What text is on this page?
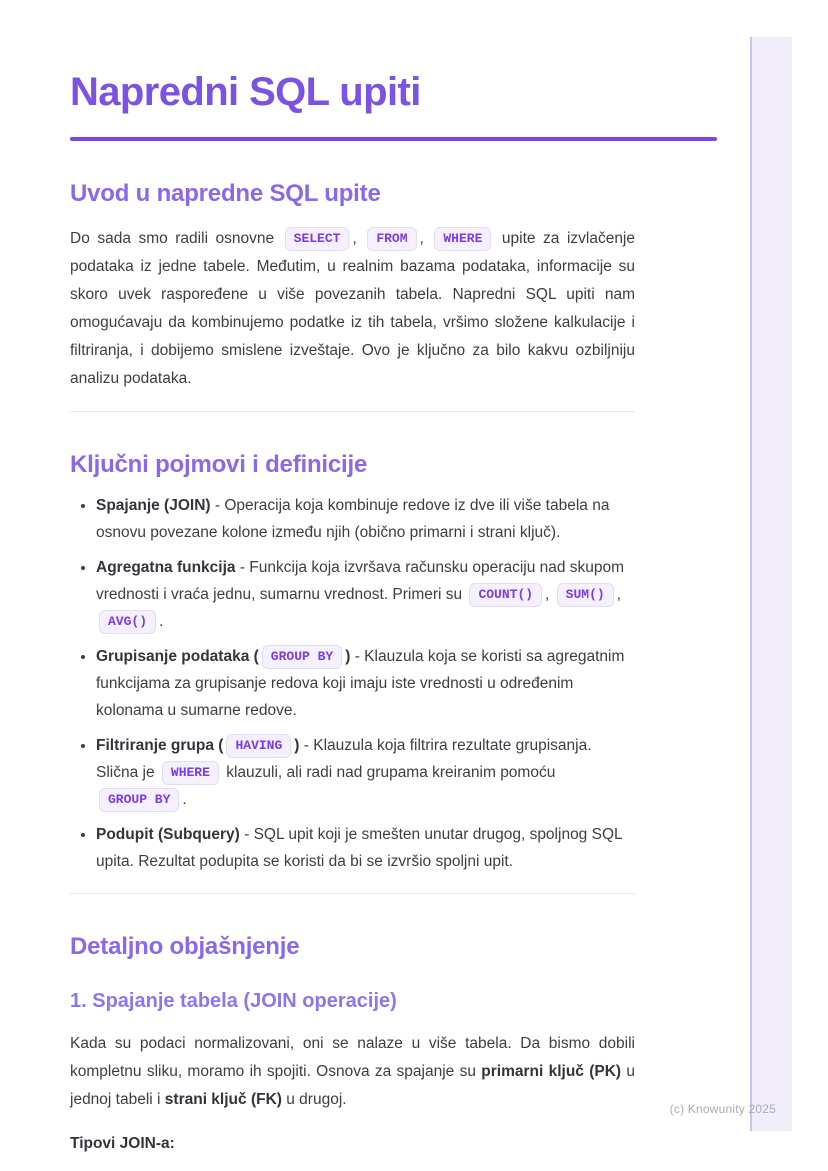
Napredni SQL upiti
Uvod u napredne SQL upite

Do sada smo radili osnovne SELECT , FROM , WHERE upite za izvlačenje podataka iz jedne tabele. Međutim, u realnim bazama podataka, informacije su skoro uvek raspoređene u više povezanih tabela. Napredni SQL upiti nam omogućavaju da kombinujemo podatke iz tih tabela, vršimo složene kalkulacije i filtriranja, i dobijemo smislene izveštaje. Ovo je ključno za bilo kakvu ozbiljniju analizu podataka.

Ključni pojmovi i definicije
• Spajanje (JOIN) - Operacija koja kombinuje redove iz dve ili više tabela na osnovu povezane kolone između njih (obično primarni i strani ključ).
• Agregatna funkcija - Funkcija koja izvršava računsku operaciju nad skupom vrednosti i vraća jednu, sumarnu vrednost. Primeri su COUNT() , SUM() , AVG() .
• Grupisanje podataka ( GROUP BY ) - Klauzula koja se koristi sa agregatnim funkcijama za grupisanje redova koji imaju iste vrednosti u određenim kolonama u sumarne redove.
• Filtriranje grupa ( HAVING ) - Klauzula koja filtrira rezultate grupisanja. Slična je WHERE klauzuli, ali radi nad grupama kreiranim pomoću GROUP BY .
• Podupit (Subquery) - SQL upit koji je smešten unutar drugog, spoljnog SQL upita. Rezultat podupita se koristi da bi se izvršio spoljni upit.
Detaljno objašnjenje
1. Spajanje tabela (JOIN operacije)

Kada su podaci normalizovani, oni se nalaze u više tabela. Da bismo dobili kompletnu sliku, moramo ih spojiti. Osnova za spajanje su primarni ključ (PK) u jednoj tabeli i strani ključ (FK) u drugoj.

Tipovi JOIN-a:

(c) Knowunity 2025
